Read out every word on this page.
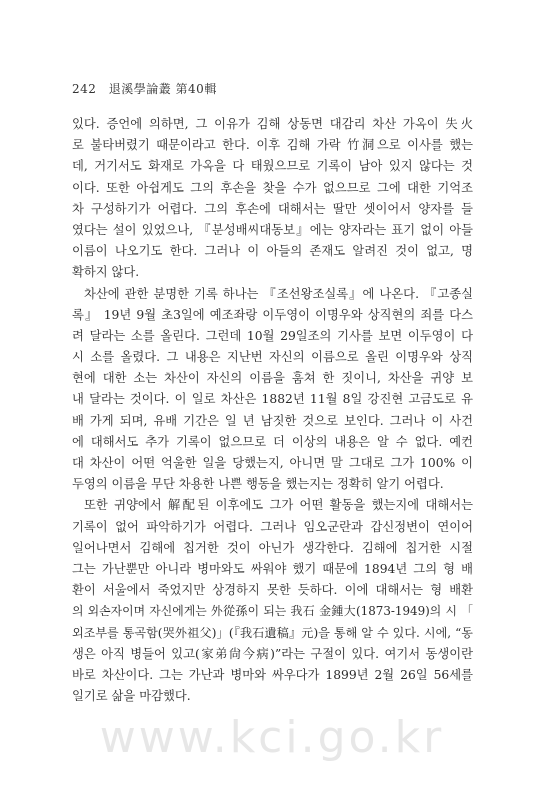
242 退溪學論叢 第40輯
있다. 증언에 의하면, 그 이유가 김해 상동면 대감리 차산 가옥이 失火
로 불타버렸기 때문이라고 한다. 이후 김해 가락 竹洞으로 이사를 했는
데, 거기서도 화재로 가옥을 다 태웠으므로 기록이 남아 있지 않다는 것
이다. 또한 아쉽게도 그의 후손을 찾을 수가 없으므로 그에 대한 기억조
차 구성하기가 어렵다. 그의 후손에 대해서는 딸만 셋이어서 양자를 들
였다는 설이 있었으나, 『분성배씨대동보』에는 양자라는 표기 없이 아들
이름이 나오기도 한다. 그러나 이 아들의 존재도 알려진 것이 없고, 명
확하지 않다.
차산에 관한 분명한 기록 하나는 『조선왕조실록』에 나온다. 『고종실
록』 19년 9월 초3일에 예조좌랑 이두영이 이명우와 상직현의 죄를 다스
려 달라는 소를 올린다. 그런데 10월 29일조의 기사를 보면 이두영이 다
시 소를 올렸다. 그 내용은 지난번 자신의 이름으로 올린 이명우와 상직
현에 대한 소는 차산이 자신의 이름을 훔쳐 한 짓이니, 차산을 귀양 보
내 달라는 것이다. 이 일로 차산은 1882년 11월 8일 강진현 고금도로 유
배 가게 되며, 유배 기간은 일 년 남짓한 것으로 보인다. 그러나 이 사건
에 대해서도 추가 기록이 없으므로 더 이상의 내용은 알 수 없다. 예컨
대 차산이 어떤 억울한 일을 당했는지, 아니면 말 그대로 그가 100% 이
두영의 이름을 무단 차용한 나쁜 행동을 했는지는 정확히 알기 어렵다.
또한 귀양에서 解配된 이후에도 그가 어떤 활동을 했는지에 대해서는
기록이 없어 파악하기가 어렵다. 그러나 임오군란과 갑신정변이 연이어
일어나면서 김해에 칩거한 것이 아닌가 생각한다. 김해에 칩거한 시절
그는 가난뿐만 아니라 병마와도 싸워야 했기 때문에 1894년 그의 형 배
환이 서울에서 죽었지만 상경하지 못한 듯하다. 이에 대해서는 형 배환
의 외손자이며 자신에게는 外從孫이 되는 我石 金鍾大(1873-1949)의 시 「
외조부를 통곡함(哭外祖父)」(『我石遺稿』元)을 통해 알 수 있다. 시에, “동
생은 아직 병들어 있고(家弟尙今病)”라는 구절이 있다. 여기서 동생이란
바로 차산이다. 그는 가난과 병마와 싸우다가 1899년 2월 26일 56세를
일기로 삶을 마감했다.
www.kci.go.kr
